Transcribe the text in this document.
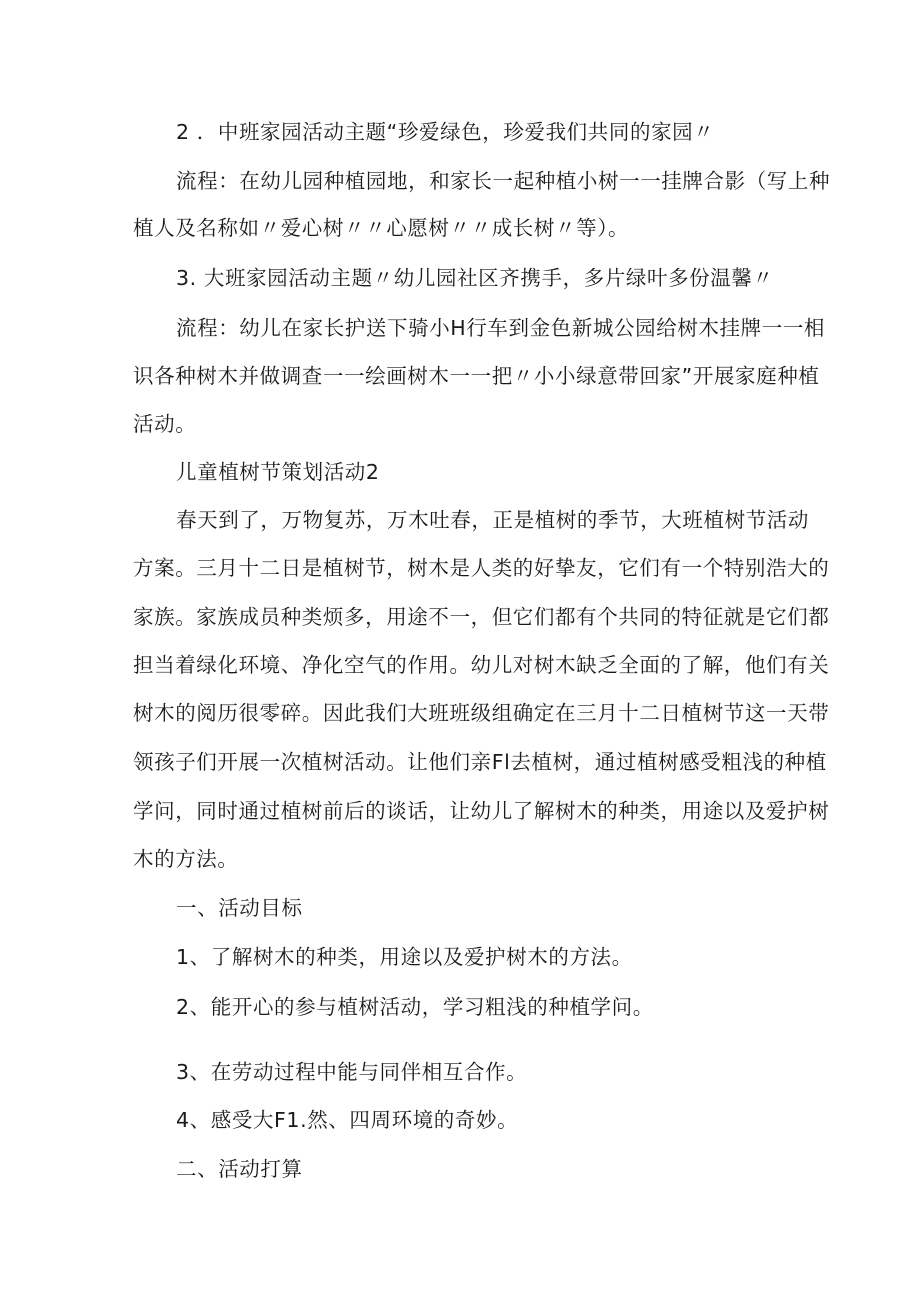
2 ．中班家园活动主题“珍爱绿色，珍爱我们共同的家园〃
流程：在幼儿园种植园地，和家长一起种植小树一一挂牌合影（写上种
植人及名称如〃爱心树〃〃心愿树〃〃成长树〃等）。
3. 大班家园活动主题〃幼儿园社区齐携手，多片绿叶多份温馨〃
流程：幼儿在家长护送下骑小H行车到金色新城公园给树木挂牌一一相
识各种树木并做调查一一绘画树木一一把〃小小绿意带回家”开展家庭种植
活动。
儿童植树节策划活动2
春天到了，万物复苏，万木吐春，正是植树的季节，大班植树节活动
方案。三月十二日是植树节，树木是人类的好挚友，它们有一个特别浩大的
家族。家族成员种类烦多，用途不一，但它们都有个共同的特征就是它们都
担当着绿化环境、净化空气的作用。幼儿对树木缺乏全面的了解，他们有关
树木的阅历很零碎。因此我们大班班级组确定在三月十二日植树节这一天带
领孩子们开展一次植树活动。让他们亲Fl去植树，通过植树感受粗浅的种植
学问，同时通过植树前后的谈话，让幼儿了解树木的种类，用途以及爱护树
木的方法。
一、活动目标
1、了解树木的种类，用途以及爱护树木的方法。
2、能开心的参与植树活动，学习粗浅的种植学问。
3、在劳动过程中能与同伴相互合作。
4、感受大F1.然、四周环境的奇妙。
二、活动打算
